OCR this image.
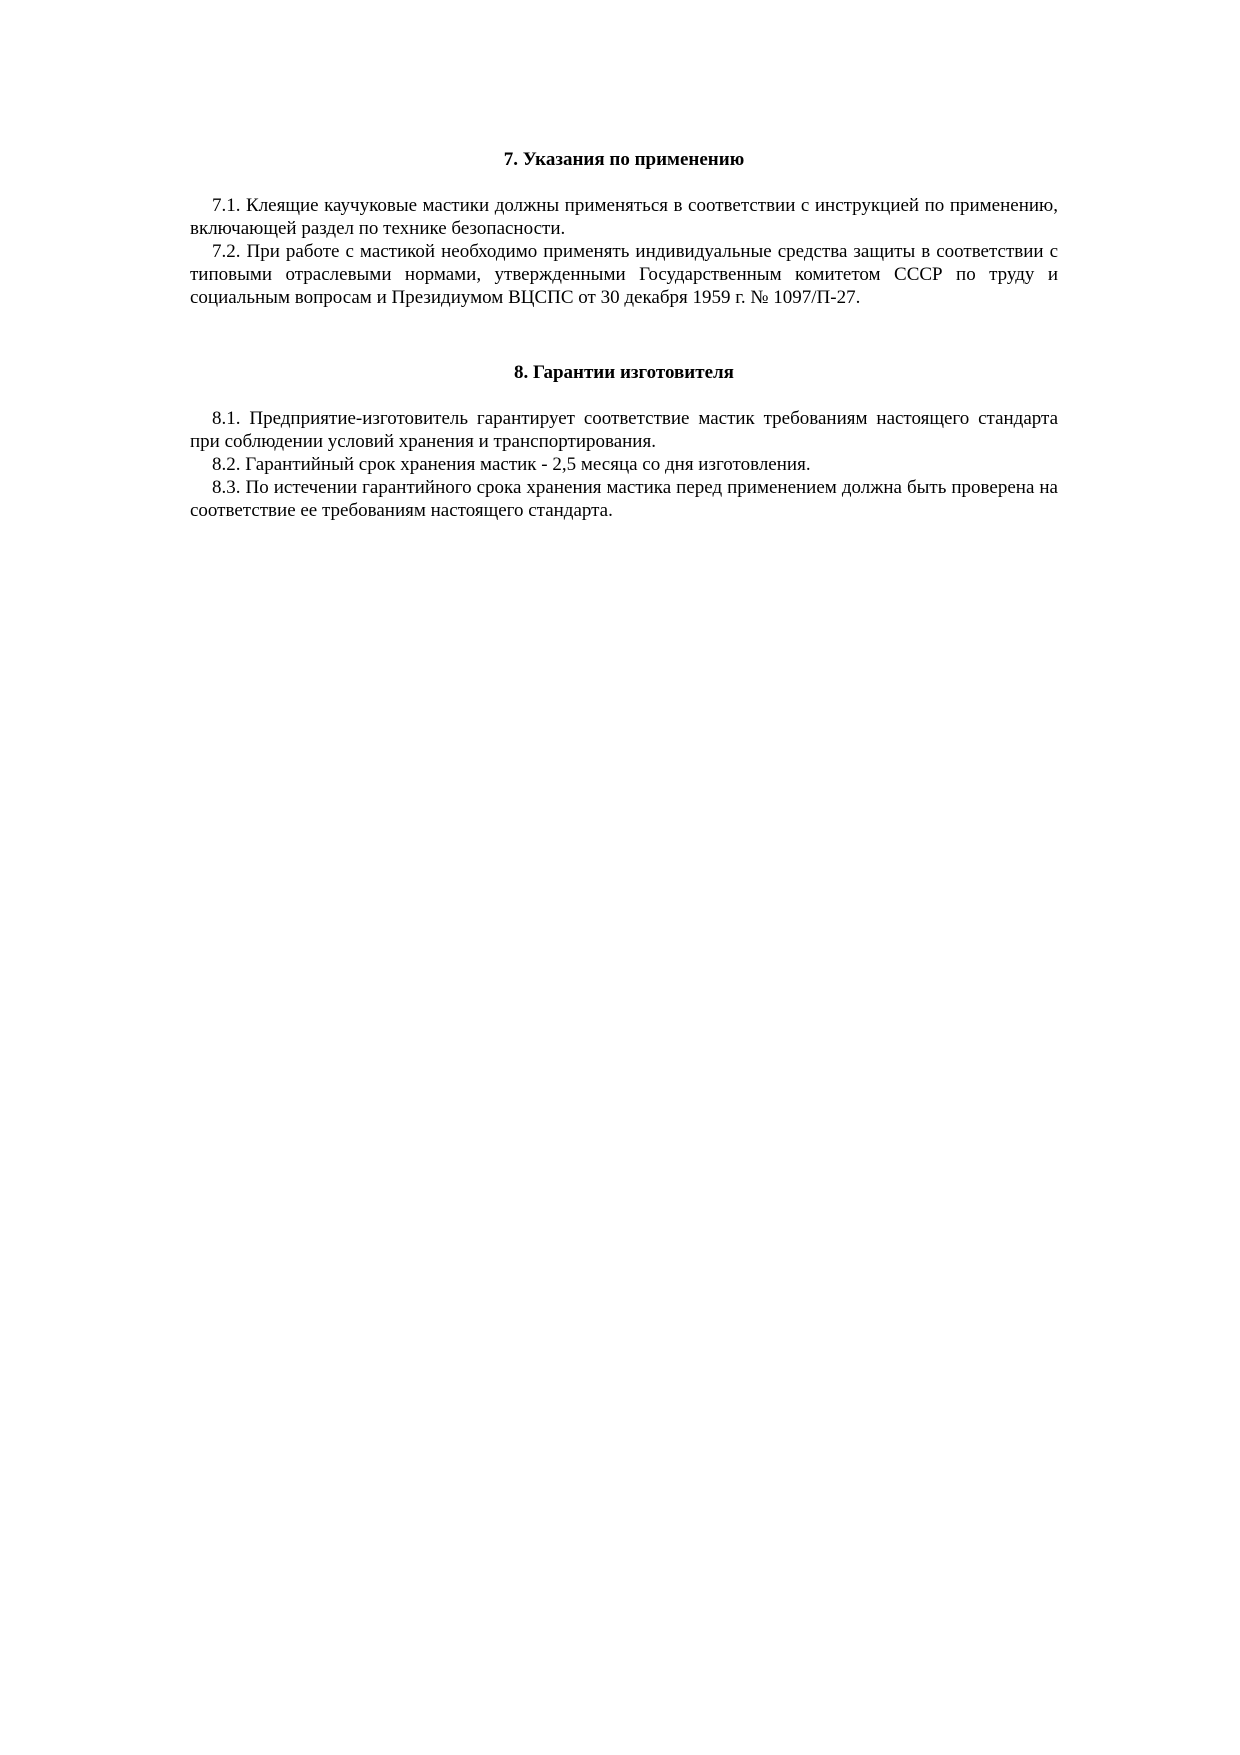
7. Указания по применению

7.1. Клеящие каучуковые мастики должны применяться в соответствии с инструкцией по применению, включающей раздел по технике безопасности.

7.2. При работе с мастикой необходимо применять индивидуальные средства защиты в соответствии с типовыми отраслевыми нормами, утвержденными Государственным комитетом СССР по труду и социальным вопросам и Президиумом ВЦСПС от 30 декабря 1959 г. № 1097/П-27.

8. Гарантии изготовителя

8.1. Предприятие-изготовитель гарантирует соответствие мастик требованиям настоящего стандарта при соблюдении условий хранения и транспортирования.

8.2. Гарантийный срок хранения мастик - 2,5 месяца со дня изготовления.

8.3. По истечении гарантийного срока хранения мастика перед применением должна быть проверена на соответствие ее требованиям настоящего стандарта.
